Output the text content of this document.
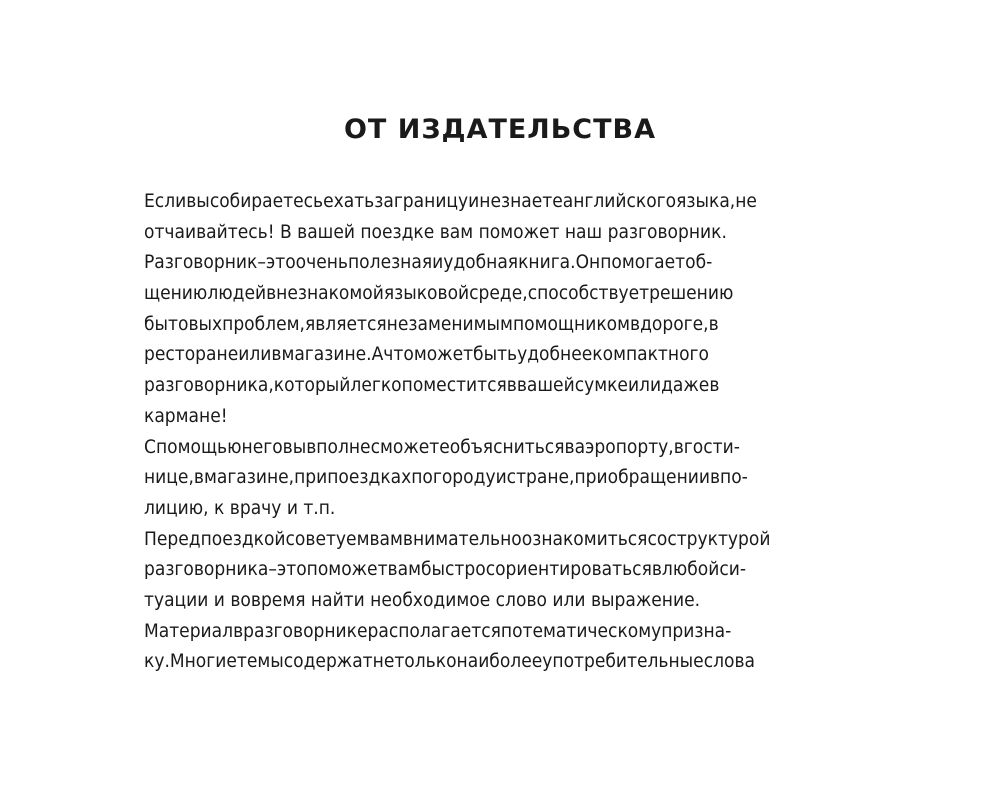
ОТ ИЗДАТЕЛЬСТВА
Есливысобираетесьехатьзаграницуинезнаетеанглийскогоязыка,не
отчаивайтесь! В вашей поездке вам поможет наш разговорник.
Разговорник–этооченьполезнаяиудобнаякнига.Онпомогаетоб-
щениюлюдейвнезнакомойязыковойсреде,способствуетрешению
бытовыхпроблем,являетсянезаменимымпомощникомвдороге,в
ресторанеиливмагазине.Ачтоможетбытьудобнеекомпактного
разговорника,которыйлегкопоместитсяввашейсумкеилидажев
кармане!
Спомощьюнеговывполнесможетеобъяснитьсяваэропорту,вгости-
нице,вмагазине,припоездкахпогородуистране,приобращениивпо-
лицию, к врачу и т.п.
Передпоездкойсоветуемвамвнимательноознакомитьсясоструктурой
разговорника–этопоможетвамбыстросориентироватьсявлюбойси-
туации и вовремя найти необходимое слово или выражение.
Материалвразговорникерасполагаетсяпотематическомупризна-
ку.Многиетемысодержатнетольконаиболееупотребительныеслова
